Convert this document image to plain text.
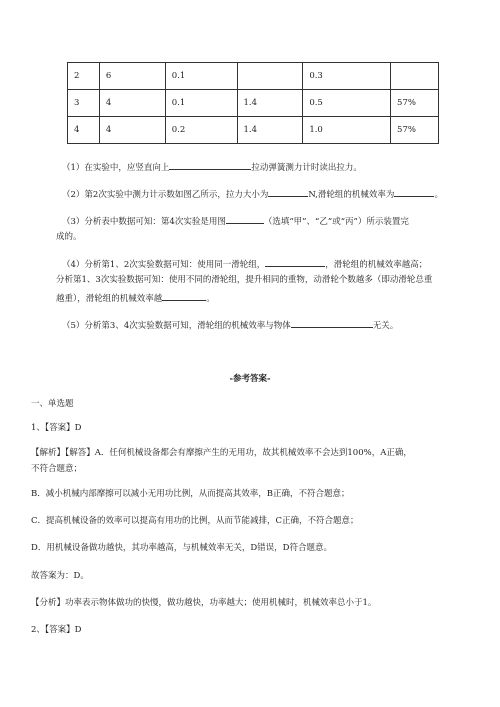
2	6	0.1		0.3	
3	4	0.1	1.4	0.5	57%
4	4	0.2	1.4	1.0	57%
（1）在实验中，应竖直向上	拉动弹簧测力计时读出拉力。
（2）第2次实验中测力计示数如图乙所示，拉力大小为	N,滑轮组的机械效率为	。
（3）分析表中数据可知：第4次实验是用图	（选填“甲”、“乙”或“丙”）所示装置完
成的。
（4）分析第1、2次实验数据可知：使用同一滑轮组，	，滑轮组的机械效率越高；
分析第1、3次实验数据可知：使用不同的滑轮组，提升相同的重物，动滑轮个数越多（即动滑轮总重
越重），滑轮组的机械效率越	。
（5）分析第3、4次实验数据可知，滑轮组的机械效率与物体	无关。
-参考答案-
一、单选题
1、【答案】D
【解析】【解答】A．任何机械设备都会有摩擦产生的无用功，故其机械效率不会达到100%，A正确，
不符合题意；
B．减小机械内部摩擦可以减小无用功比例，从而提高其效率，B正确，不符合题意；
C．提高机械设备的效率可以提高有用功的比例，从而节能减排，C正确，不符合题意；
D．用机械设备做功越快，其功率越高，与机械效率无关，D错误，D符合题意。
故答案为：D。
【分析】功率表示物体做功的快慢，做功越快，功率越大；使用机械时，机械效率总小于1。
2、【答案】D
